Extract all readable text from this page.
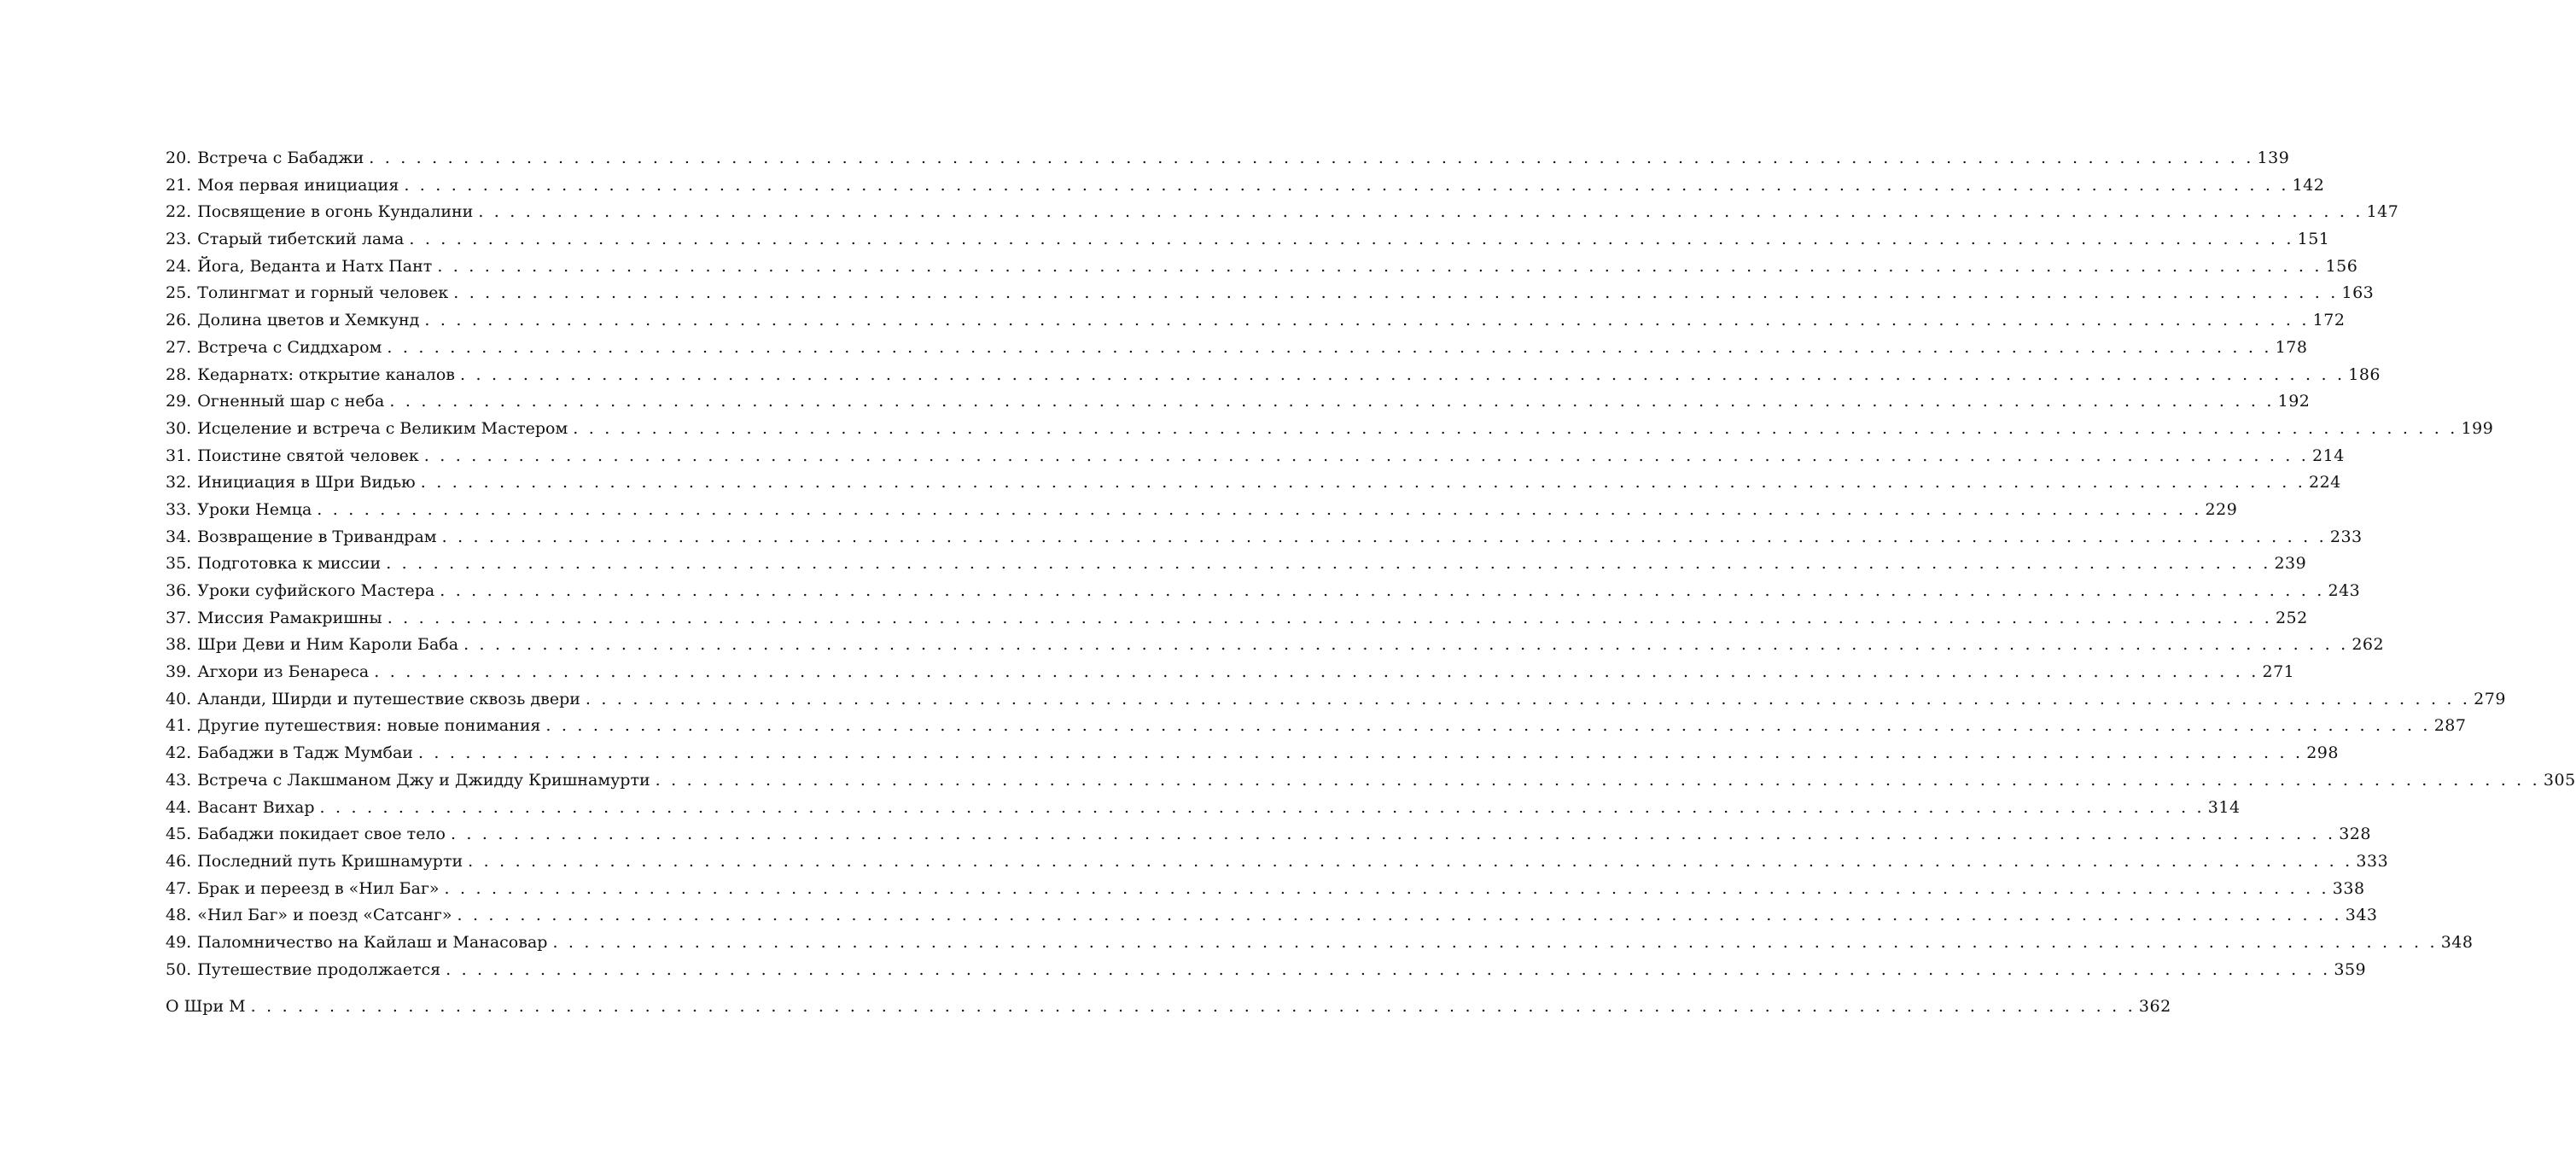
20. Встреча с Бабаджи . . . . . . . . . . . . . . . . . . . . . . . . . . . . . . . . . . . . . . . . . . . . . . . . . . . . . . . . . . . . . . . . . . . . . . . . . . . . . . . . . . . . . . . . . . . . . . . . . . . . . . . . . . . . . . . . . . . . . . . . 139
21. Моя первая инициация . . . . . . . . . . . . . . . . . . . . . . . . . . . . . . . . . . . . . . . . . . . . . . . . . . . . . . . . . . . . . . . . . . . . . . . . . . . . . . . . . . . . . . . . . . . . . . . . . . . . . . . . . . . . . . . . . . . . . . . . 142
22. Посвящение в огонь Кундалини . . . . . . . . . . . . . . . . . . . . . . . . . . . . . . . . . . . . . . . . . . . . . . . . . . . . . . . . . . . . . . . . . . . . . . . . . . . . . . . . . . . . . . . . . . . . . . . . . . . . . . . . . . . . . . . . . . . . . . . . 147
23. Старый тибетский лама . . . . . . . . . . . . . . . . . . . . . . . . . . . . . . . . . . . . . . . . . . . . . . . . . . . . . . . . . . . . . . . . . . . . . . . . . . . . . . . . . . . . . . . . . . . . . . . . . . . . . . . . . . . . . . . . . . . . . . . . 151
24. Йога, Веданта и Натх Пант . . . . . . . . . . . . . . . . . . . . . . . . . . . . . . . . . . . . . . . . . . . . . . . . . . . . . . . . . . . . . . . . . . . . . . . . . . . . . . . . . . . . . . . . . . . . . . . . . . . . . . . . . . . . . . . . . . . . . . . . 156
25. Толингмат и горный человек . . . . . . . . . . . . . . . . . . . . . . . . . . . . . . . . . . . . . . . . . . . . . . . . . . . . . . . . . . . . . . . . . . . . . . . . . . . . . . . . . . . . . . . . . . . . . . . . . . . . . . . . . . . . . . . . . . . . . . . . 163
26. Долина цветов и Хемкунд . . . . . . . . . . . . . . . . . . . . . . . . . . . . . . . . . . . . . . . . . . . . . . . . . . . . . . . . . . . . . . . . . . . . . . . . . . . . . . . . . . . . . . . . . . . . . . . . . . . . . . . . . . . . . . . . . . . . . . . . 172
27. Встреча с Сиддхаром . . . . . . . . . . . . . . . . . . . . . . . . . . . . . . . . . . . . . . . . . . . . . . . . . . . . . . . . . . . . . . . . . . . . . . . . . . . . . . . . . . . . . . . . . . . . . . . . . . . . . . . . . . . . . . . . . . . . . . . . 178
28. Кедарнатх: открытие каналов . . . . . . . . . . . . . . . . . . . . . . . . . . . . . . . . . . . . . . . . . . . . . . . . . . . . . . . . . . . . . . . . . . . . . . . . . . . . . . . . . . . . . . . . . . . . . . . . . . . . . . . . . . . . . . . . . . . . . . . . 186
29. Огненный шар с неба . . . . . . . . . . . . . . . . . . . . . . . . . . . . . . . . . . . . . . . . . . . . . . . . . . . . . . . . . . . . . . . . . . . . . . . . . . . . . . . . . . . . . . . . . . . . . . . . . . . . . . . . . . . . . . . . . . . . . . . . 192
30. Исцеление и встреча с Великим Мастером . . . . . . . . . . . . . . . . . . . . . . . . . . . . . . . . . . . . . . . . . . . . . . . . . . . . . . . . . . . . . . . . . . . . . . . . . . . . . . . . . . . . . . . . . . . . . . . . . . . . . . . . . . . . . . . . . . . . . . . . 199
31. Поистине святой человек . . . . . . . . . . . . . . . . . . . . . . . . . . . . . . . . . . . . . . . . . . . . . . . . . . . . . . . . . . . . . . . . . . . . . . . . . . . . . . . . . . . . . . . . . . . . . . . . . . . . . . . . . . . . . . . . . . . . . . . . 214
32. Инициация в Шри Видью . . . . . . . . . . . . . . . . . . . . . . . . . . . . . . . . . . . . . . . . . . . . . . . . . . . . . . . . . . . . . . . . . . . . . . . . . . . . . . . . . . . . . . . . . . . . . . . . . . . . . . . . . . . . . . . . . . . . . . . . 224
33. Уроки Немца . . . . . . . . . . . . . . . . . . . . . . . . . . . . . . . . . . . . . . . . . . . . . . . . . . . . . . . . . . . . . . . . . . . . . . . . . . . . . . . . . . . . . . . . . . . . . . . . . . . . . . . . . . . . . . . . . . . . . . . . 229
34. Возвращение в Тривандрам . . . . . . . . . . . . . . . . . . . . . . . . . . . . . . . . . . . . . . . . . . . . . . . . . . . . . . . . . . . . . . . . . . . . . . . . . . . . . . . . . . . . . . . . . . . . . . . . . . . . . . . . . . . . . . . . . . . . . . . . 233
35. Подготовка к миссии . . . . . . . . . . . . . . . . . . . . . . . . . . . . . . . . . . . . . . . . . . . . . . . . . . . . . . . . . . . . . . . . . . . . . . . . . . . . . . . . . . . . . . . . . . . . . . . . . . . . . . . . . . . . . . . . . . . . . . . . 239
36. Уроки суфийского Мастера . . . . . . . . . . . . . . . . . . . . . . . . . . . . . . . . . . . . . . . . . . . . . . . . . . . . . . . . . . . . . . . . . . . . . . . . . . . . . . . . . . . . . . . . . . . . . . . . . . . . . . . . . . . . . . . . . . . . . . . . 243
37. Миссия Рамакришны . . . . . . . . . . . . . . . . . . . . . . . . . . . . . . . . . . . . . . . . . . . . . . . . . . . . . . . . . . . . . . . . . . . . . . . . . . . . . . . . . . . . . . . . . . . . . . . . . . . . . . . . . . . . . . . . . . . . . . . . 252
38. Шри Деви и Ним Кароли Баба . . . . . . . . . . . . . . . . . . . . . . . . . . . . . . . . . . . . . . . . . . . . . . . . . . . . . . . . . . . . . . . . . . . . . . . . . . . . . . . . . . . . . . . . . . . . . . . . . . . . . . . . . . . . . . . . . . . . . . . . 262
39. Агхори из Бенареса . . . . . . . . . . . . . . . . . . . . . . . . . . . . . . . . . . . . . . . . . . . . . . . . . . . . . . . . . . . . . . . . . . . . . . . . . . . . . . . . . . . . . . . . . . . . . . . . . . . . . . . . . . . . . . . . . . . . . . . . 271
40. Аланди, Ширди и путешествие сквозь двери . . . . . . . . . . . . . . . . . . . . . . . . . . . . . . . . . . . . . . . . . . . . . . . . . . . . . . . . . . . . . . . . . . . . . . . . . . . . . . . . . . . . . . . . . . . . . . . . . . . . . . . . . . . . . . . . . . . . . . . . 279
41. Другие путешествия: новые понимания . . . . . . . . . . . . . . . . . . . . . . . . . . . . . . . . . . . . . . . . . . . . . . . . . . . . . . . . . . . . . . . . . . . . . . . . . . . . . . . . . . . . . . . . . . . . . . . . . . . . . . . . . . . . . . . . . . . . . . . . 287
42. Бабаджи в Тадж Мумбаи . . . . . . . . . . . . . . . . . . . . . . . . . . . . . . . . . . . . . . . . . . . . . . . . . . . . . . . . . . . . . . . . . . . . . . . . . . . . . . . . . . . . . . . . . . . . . . . . . . . . . . . . . . . . . . . . . . . . . . . . 298
43. Встреча с Лакшманом Джу и Джидду Кришнамурти . . . . . . . . . . . . . . . . . . . . . . . . . . . . . . . . . . . . . . . . . . . . . . . . . . . . . . . . . . . . . . . . . . . . . . . . . . . . . . . . . . . . . . . . . . . . . . . . . . . . . . . . . . . . . . . . . . . . . . . . 305
44. Васант Вихар . . . . . . . . . . . . . . . . . . . . . . . . . . . . . . . . . . . . . . . . . . . . . . . . . . . . . . . . . . . . . . . . . . . . . . . . . . . . . . . . . . . . . . . . . . . . . . . . . . . . . . . . . . . . . . . . . . . . . . . . 314
45. Бабаджи покидает свое тело . . . . . . . . . . . . . . . . . . . . . . . . . . . . . . . . . . . . . . . . . . . . . . . . . . . . . . . . . . . . . . . . . . . . . . . . . . . . . . . . . . . . . . . . . . . . . . . . . . . . . . . . . . . . . . . . . . . . . . . . 328
46. Последний путь Кришнамурти . . . . . . . . . . . . . . . . . . . . . . . . . . . . . . . . . . . . . . . . . . . . . . . . . . . . . . . . . . . . . . . . . . . . . . . . . . . . . . . . . . . . . . . . . . . . . . . . . . . . . . . . . . . . . . . . . . . . . . . . 333
47. Брак и переезд в «Нил Баг» . . . . . . . . . . . . . . . . . . . . . . . . . . . . . . . . . . . . . . . . . . . . . . . . . . . . . . . . . . . . . . . . . . . . . . . . . . . . . . . . . . . . . . . . . . . . . . . . . . . . . . . . . . . . . . . . . . . . . . . . 338
48. «Нил Баг» и поезд «Сатсанг» . . . . . . . . . . . . . . . . . . . . . . . . . . . . . . . . . . . . . . . . . . . . . . . . . . . . . . . . . . . . . . . . . . . . . . . . . . . . . . . . . . . . . . . . . . . . . . . . . . . . . . . . . . . . . . . . . . . . . . . . 343
49. Паломничество на Кайлаш и Манасовар . . . . . . . . . . . . . . . . . . . . . . . . . . . . . . . . . . . . . . . . . . . . . . . . . . . . . . . . . . . . . . . . . . . . . . . . . . . . . . . . . . . . . . . . . . . . . . . . . . . . . . . . . . . . . . . . . . . . . . . . 348
50. Путешествие продолжается . . . . . . . . . . . . . . . . . . . . . . . . . . . . . . . . . . . . . . . . . . . . . . . . . . . . . . . . . . . . . . . . . . . . . . . . . . . . . . . . . . . . . . . . . . . . . . . . . . . . . . . . . . . . . . . . . . . . . . . . 359
О Шри М . . . . . . . . . . . . . . . . . . . . . . . . . . . . . . . . . . . . . . . . . . . . . . . . . . . . . . . . . . . . . . . . . . . . . . . . . . . . . . . . . . . . . . . . . . . . . . . . . . . . . . . . . . . . . . . . . . . . . . . . 362
